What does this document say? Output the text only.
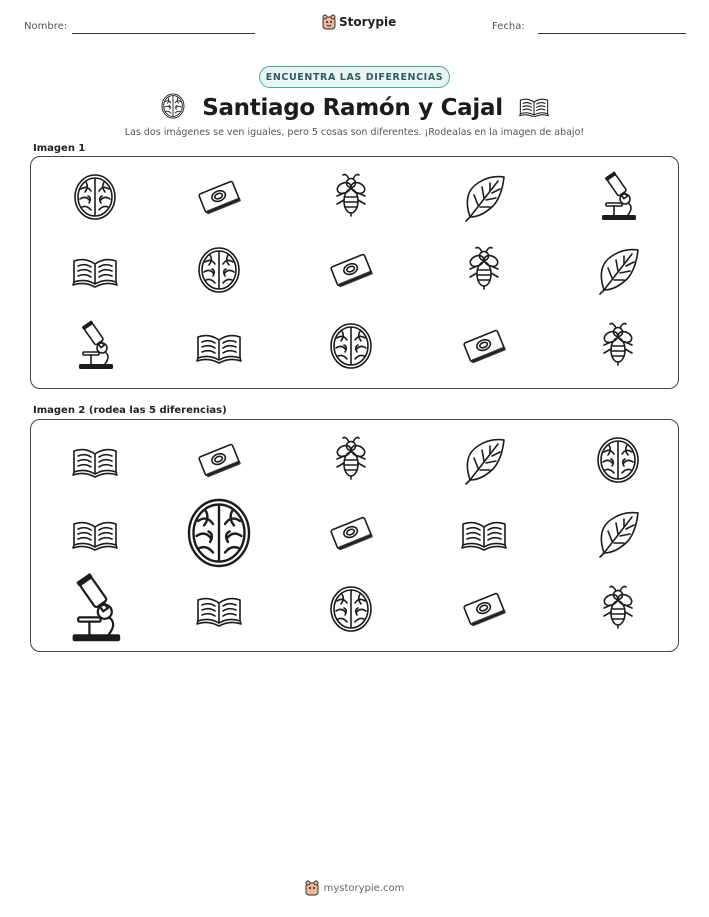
Nombre:	Storypie	Fecha:
ENCUENTRA LAS DIFERENCIAS
Santiago Ramón y Cajal
Las dos imágenes se ven iguales, pero 5 cosas son diferentes. ¡Rodealas en la imagen de abajo!
Imagen 1
Imagen 2 (rodea las 5 diferencias)
mystorypie.com
